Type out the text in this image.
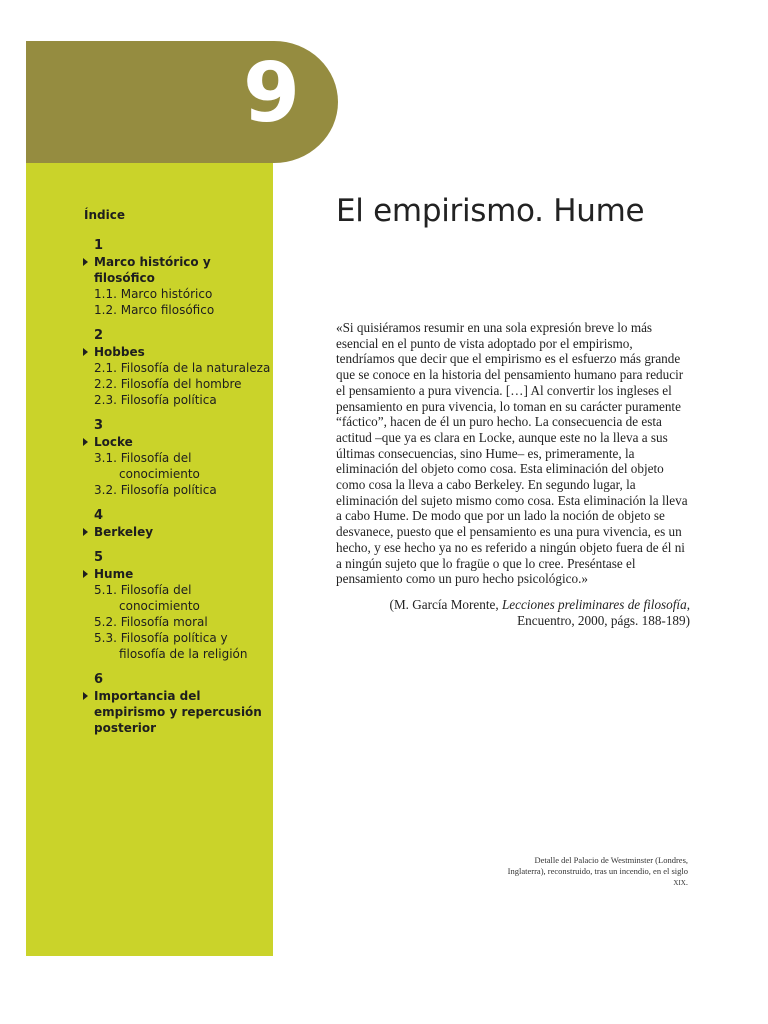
9
Índice
1
Marco histórico y filosófico
1.1. Marco histórico
1.2. Marco filosófico
2
Hobbes
2.1. Filosofía de la naturaleza
2.2. Filosofía del hombre
2.3. Filosofía política
3
Locke
3.1. Filosofía del conocimiento
3.2. Filosofía política
4
Berkeley
5
Hume
5.1. Filosofía del conocimiento
5.2. Filosofía moral
5.3. Filosofía política y filosofía de la religión
6
Importancia del empirismo y repercusión posterior
El empirismo. Hume

«Si quisiéramos resumir en una sola expresión breve lo más esencial en el punto de vista adoptado por el empirismo, tendríamos que decir que el empirismo es el esfuerzo más grande que se conoce en la historia del pensamiento humano para reducir el pensamiento a pura vivencia. […] Al convertir los ingleses el pensamiento en pura vivencia, lo toman en su carácter puramente “fáctico”, hacen de él un puro hecho. La consecuencia de esta actitud –que ya es clara en Locke, aunque este no la lleva a sus últimas consecuencias, sino Hume– es, primeramente, la eliminación del objeto como cosa. Esta eliminación del objeto como cosa la lleva a cabo Berkeley. En segundo lugar, la eliminación del sujeto mismo como cosa. Esta eliminación la lleva a cabo Hume. De modo que por un lado la noción de objeto se desvanece, puesto que el pensamiento es una pura vivencia, es un hecho, y ese hecho ya no es referido a ningún objeto fuera de él ni a ningún sujeto que lo fragüe o que lo cree. Preséntase el pensamiento como un puro hecho psicológico.»

(M. García Morente, Lecciones preliminares de filosofía, Encuentro, 2000, págs. 188-189)

Detalle del Palacio de Westminster (Londres, Inglaterra), reconstruido, tras un incendio, en el siglo XIX.
